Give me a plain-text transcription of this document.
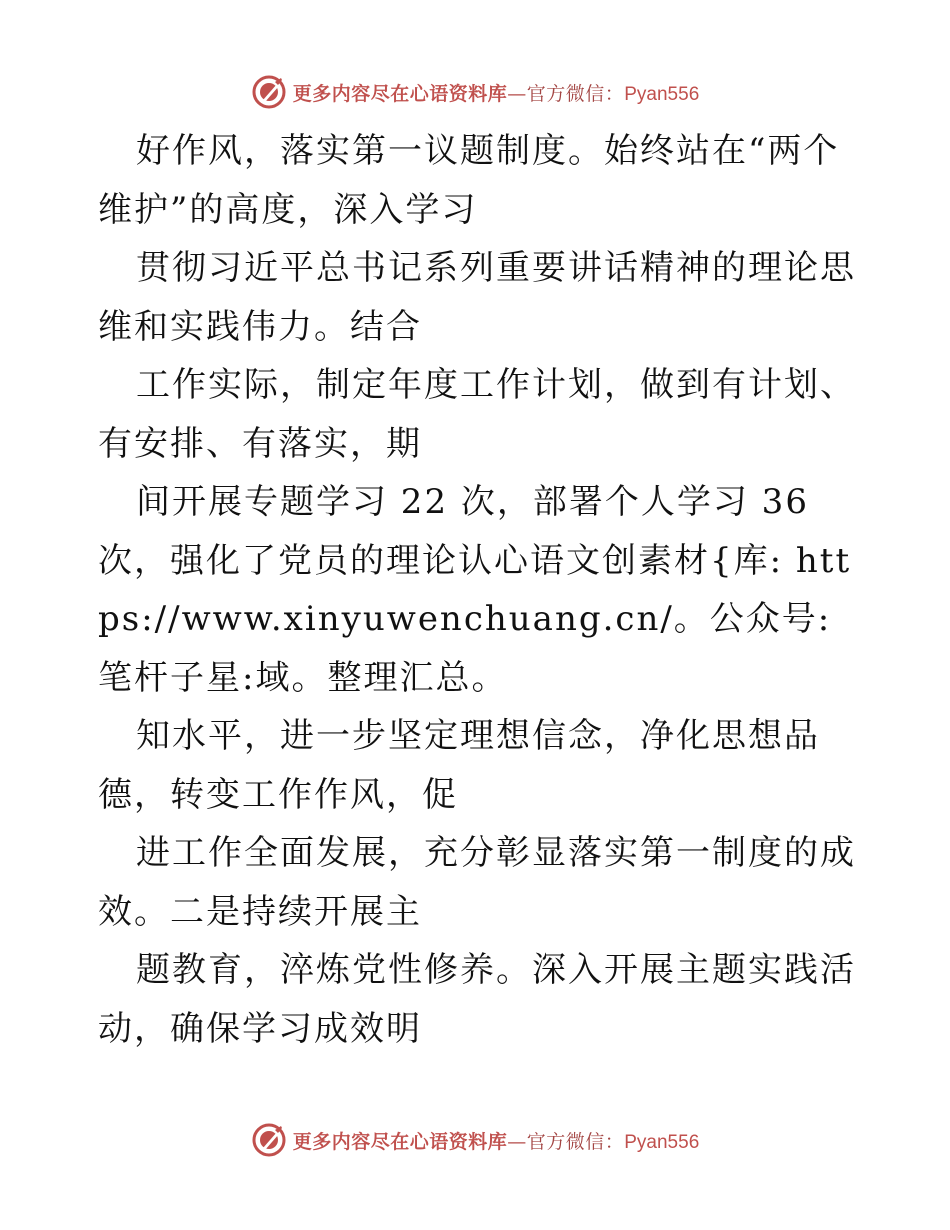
更多内容尽在心语资料库—官方微信：Pyan556

好作风，落实第一议题制度。始终站在“两个维护”的高度，深入学习

贯彻习近平总书记系列重要讲话精神的理论思维和实践伟力。结合

工作实际，制定年度工作计划，做到有计划、有安排、有落实，期

间开展专题学习 22 次，部署个人学习 36 次，强化了党员的理论认心语文创素材{库: https://www.xinyuwenchuang.cn/。公众号: 笔杆子星:域。整理汇总。

知水平，进一步坚定理想信念，净化思想品德，转变工作作风，促

进工作全面发展，充分彰显落实第一制度的成效。二是持续开展主

题教育，淬炼党性修养。深入开展主题实践活动，确保学习成效明

更多内容尽在心语资料库—官方微信：Pyan556
